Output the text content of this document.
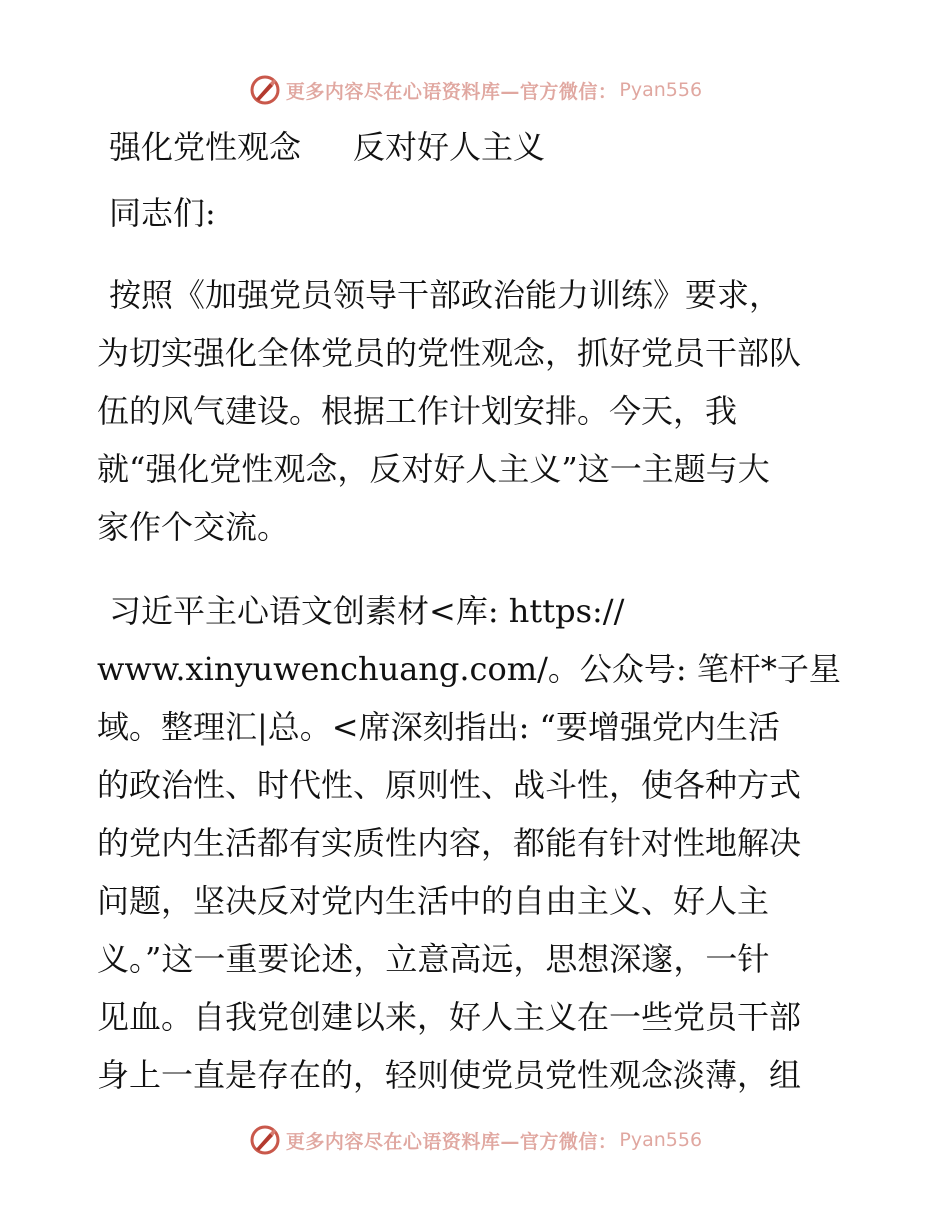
更多内容尽在心语资料库—官方微信： Pyan556
强化党性观念 反对好人主义
同志们:
按照《加强党员领导干部政治能力训练》要求，
为切实强化全体党员的党性观念，抓好党员干部队
伍的风气建设。根据工作计划安排。今天，我
就“强化党性观念，反对好人主义”这一主题与大
家作个交流。
习近平主心语文创素材<库: https://
www.xinyuwenchuang.com/。公众号: 笔杆*子星
域。整理汇|总。<席深刻指出: “要增强党内生活
的政治性、时代性、原则性、战斗性，使各种方式
的党内生活都有实质性内容，都能有针对性地解决
问题，坚决反对党内生活中的自由主义、好人主
义。”这一重要论述，立意高远，思想深邃，一针
见血。自我党创建以来，好人主义在一些党员干部
身上一直是存在的，轻则使党员党性观念淡薄，组
更多内容尽在心语资料库—官方微信： Pyan556
